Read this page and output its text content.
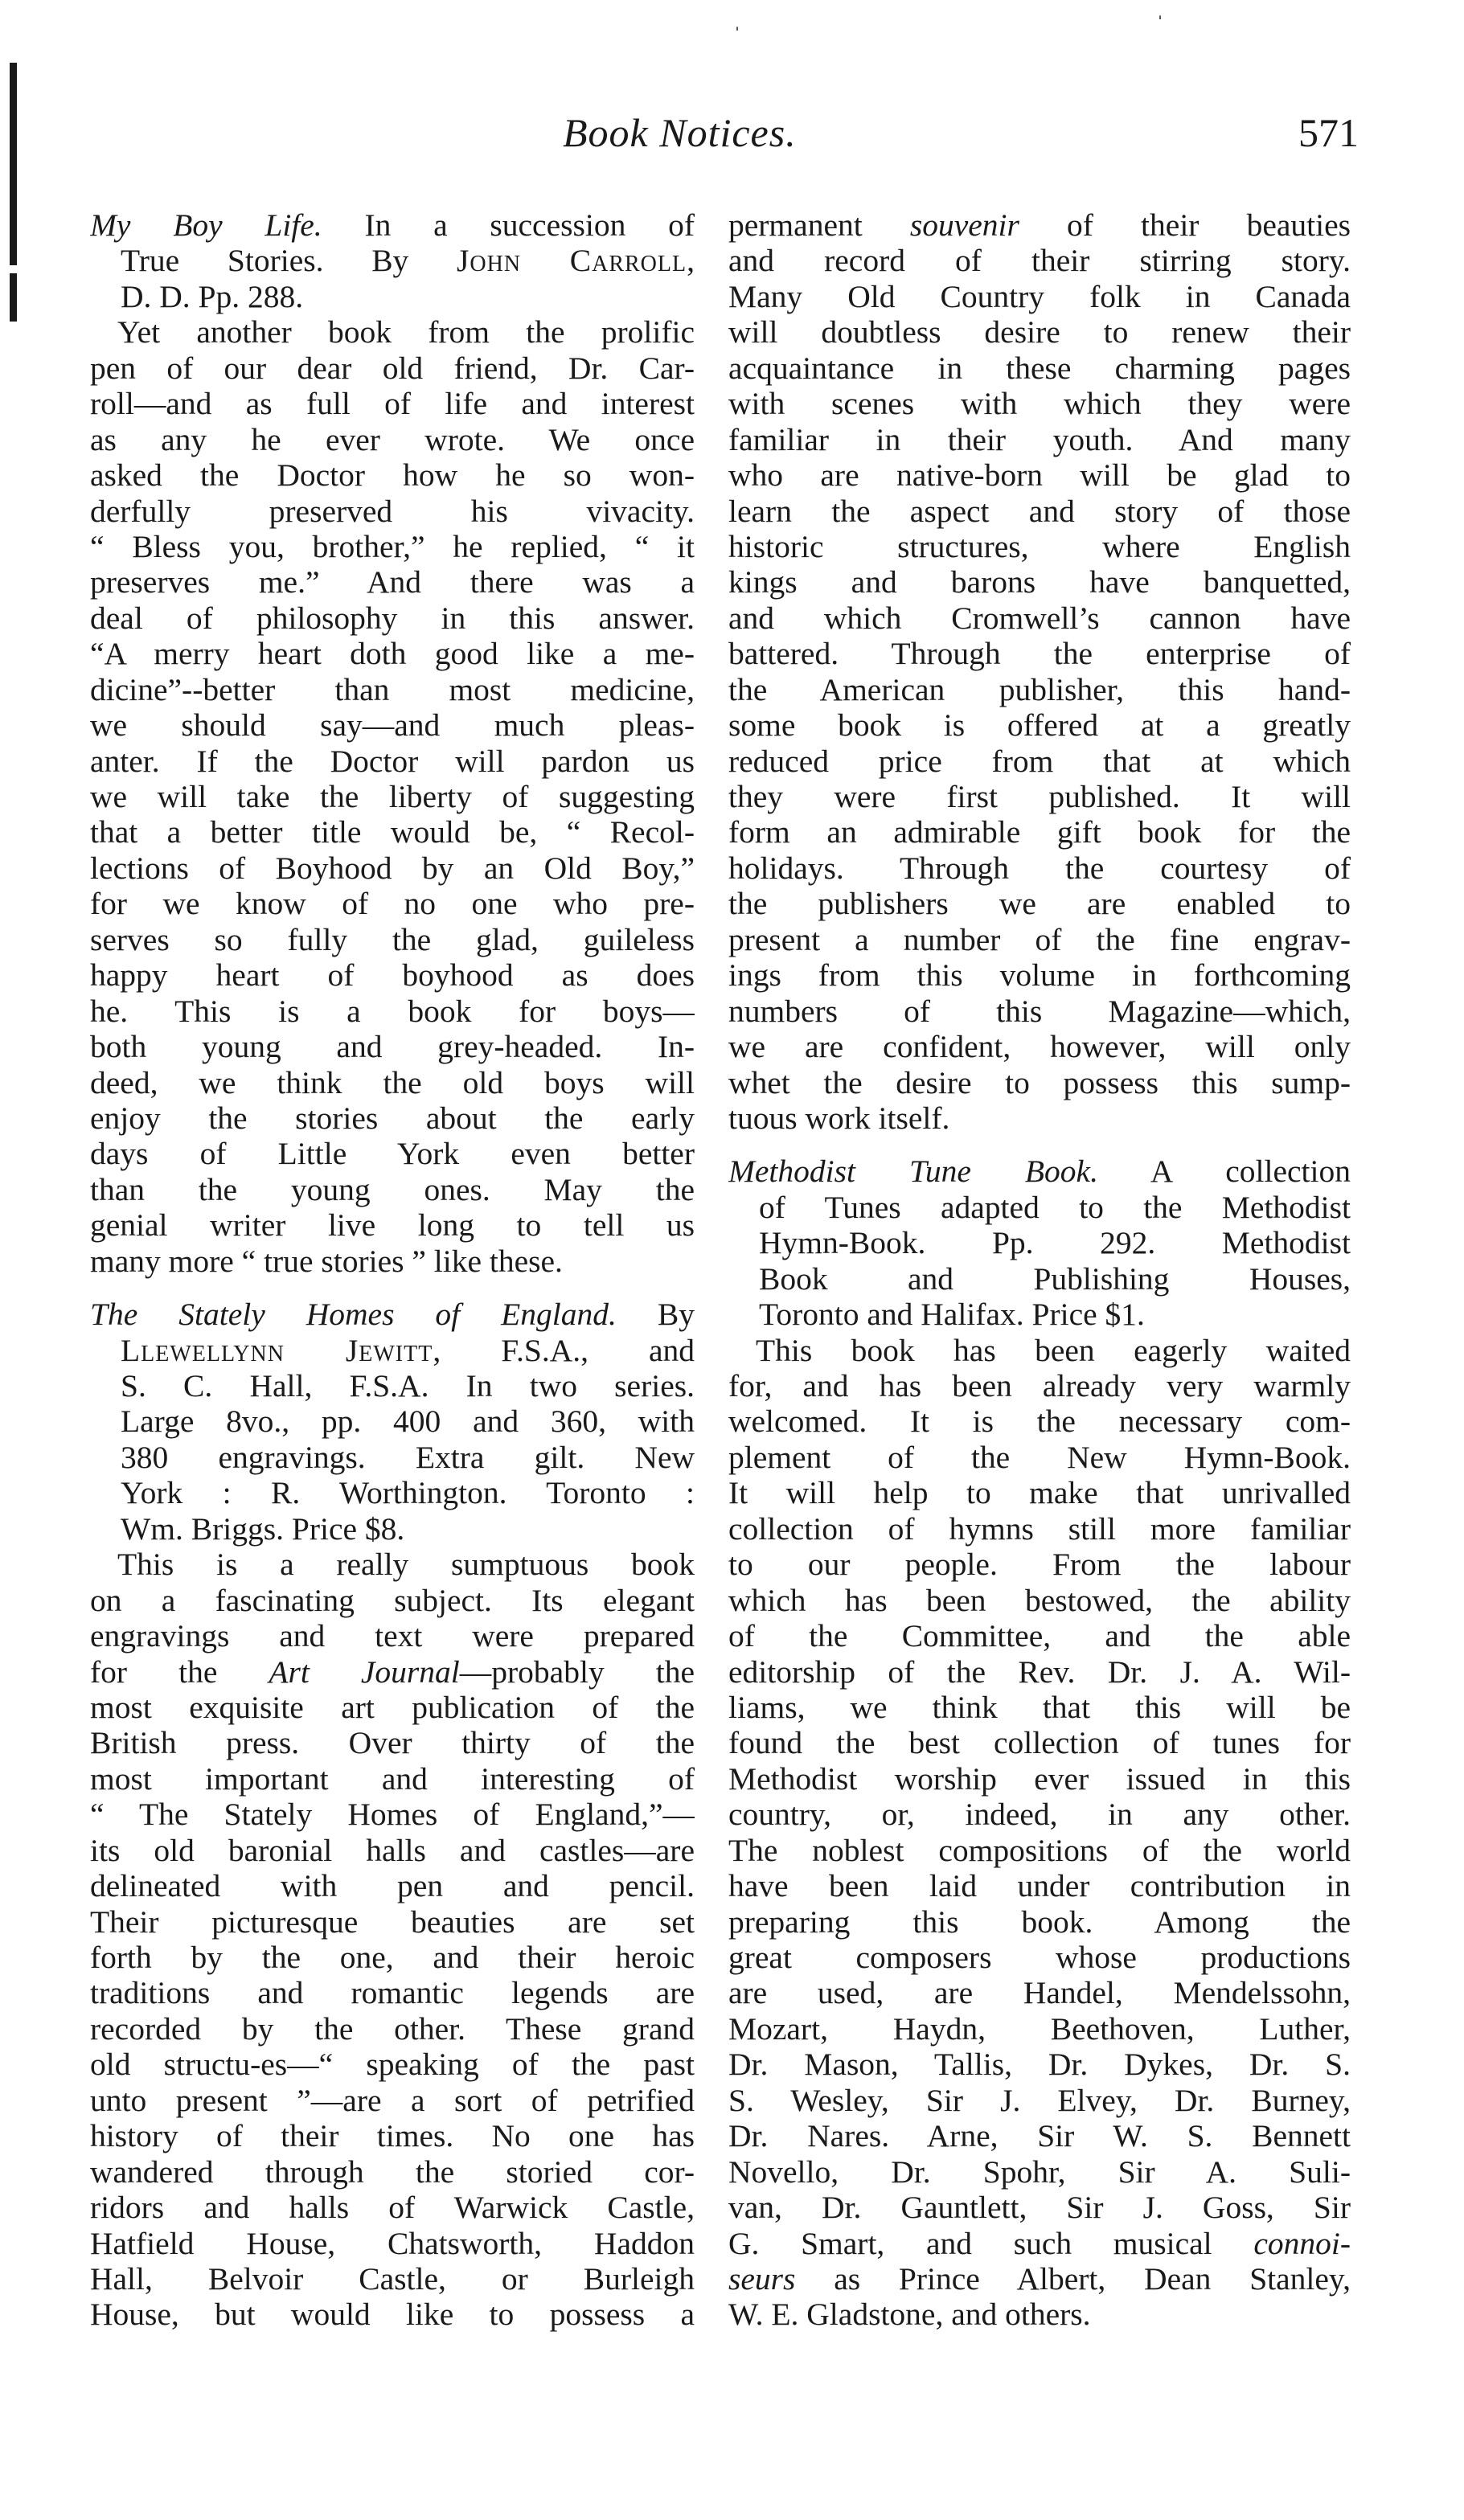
ˈ	ˈ
Book Notices.	571
My Boy Life. In a succession of
True Stories. By John Carroll,
D. D. Pp. 288.
Yet another book from the prolific
pen of our dear old friend, Dr. Car-
roll—and as full of life and interest
as any he ever wrote. We once
asked the Doctor how he so won-
derfully preserved his vivacity.
“ Bless you, brother,” he replied, “ it
preserves me.” And there was a
deal of philosophy in this answer.
“A merry heart doth good like a me-
dicine”--better than most medicine,
we should say—and much pleas-
anter. If the Doctor will pardon us
we will take the liberty of suggesting
that a better title would be, “ Recol-
lections of Boyhood by an Old Boy,”
for we know of no one who pre-
serves so fully the glad, guileless
happy heart of boyhood as does
he. This is a book for boys—
both young and grey-headed. In-
deed, we think the old boys will
enjoy the stories about the early
days of Little York even better
than the young ones. May the
genial writer live long to tell us
many more “ true stories ” like these.
The Stately Homes of England. By
Llewellynn Jewitt, F.S.A., and
S. C. Hall, F.S.A. In two series.
Large 8vo., pp. 400 and 360, with
380 engravings. Extra gilt. New
York : R. Worthington. Toronto :
Wm. Briggs. Price $8.
This is a really sumptuous book
on a fascinating subject. Its elegant
engravings and text were prepared
for the Art Journal—probably the
most exquisite art publication of the
British press. Over thirty of the
most important and interesting of
“ The Stately Homes of England,”—
its old baronial halls and castles—are
delineated with pen and pencil.
Their picturesque beauties are set
forth by the one, and their heroic
traditions and romantic legends are
recorded by the other. These grand
old structu-es—“ speaking of the past
unto present ”—are a sort of petrified
history of their times. No one has
wandered through the storied cor-
ridors and halls of Warwick Castle,
Hatfield House, Chatsworth, Haddon
Hall, Belvoir Castle, or Burleigh
House, but would like to possess a
permanent souvenir of their beauties
and record of their stirring story.
Many Old Country folk in Canada
will doubtless desire to renew their
acquaintance in these charming pages
with scenes with which they were
familiar in their youth. And many
who are native-born will be glad to
learn the aspect and story of those
historic structures, where English
kings and barons have banquetted,
and which Cromwell’s cannon have
battered. Through the enterprise of
the American publisher, this hand-
some book is offered at a greatly
reduced price from that at which
they were first published. It will
form an admirable gift book for the
holidays. Through the courtesy of
the publishers we are enabled to
present a number of the fine engrav-
ings from this volume in forthcoming
numbers of this Magazine—which,
we are confident, however, will only
whet the desire to possess this sump-
tuous work itself.
Methodist Tune Book. A collection
of Tunes adapted to the Methodist
Hymn-Book. Pp. 292. Methodist
Book and Publishing Houses,
Toronto and Halifax. Price $1.
This book has been eagerly waited
for, and has been already very warmly
welcomed. It is the necessary com-
plement of the New Hymn-Book.
It will help to make that unrivalled
collection of hymns still more familiar
to our people. From the labour
which has been bestowed, the ability
of the Committee, and the able
editorship of the Rev. Dr. J. A. Wil-
liams, we think that this will be
found the best collection of tunes for
Methodist worship ever issued in this
country, or, indeed, in any other.
The noblest compositions of the world
have been laid under contribution in
preparing this book. Among the
great composers whose productions
are used, are Handel, Mendelssohn,
Mozart, Haydn, Beethoven, Luther,
Dr. Mason, Tallis, Dr. Dykes, Dr. S.
S. Wesley, Sir J. Elvey, Dr. Burney,
Dr. Nares. Arne, Sir W. S. Bennett
Novello, Dr. Spohr, Sir A. Suli-
van, Dr. Gauntlett, Sir J. Goss, Sir
G. Smart, and such musical connoi-
seurs as Prince Albert, Dean Stanley,
W. E. Gladstone, and others.
